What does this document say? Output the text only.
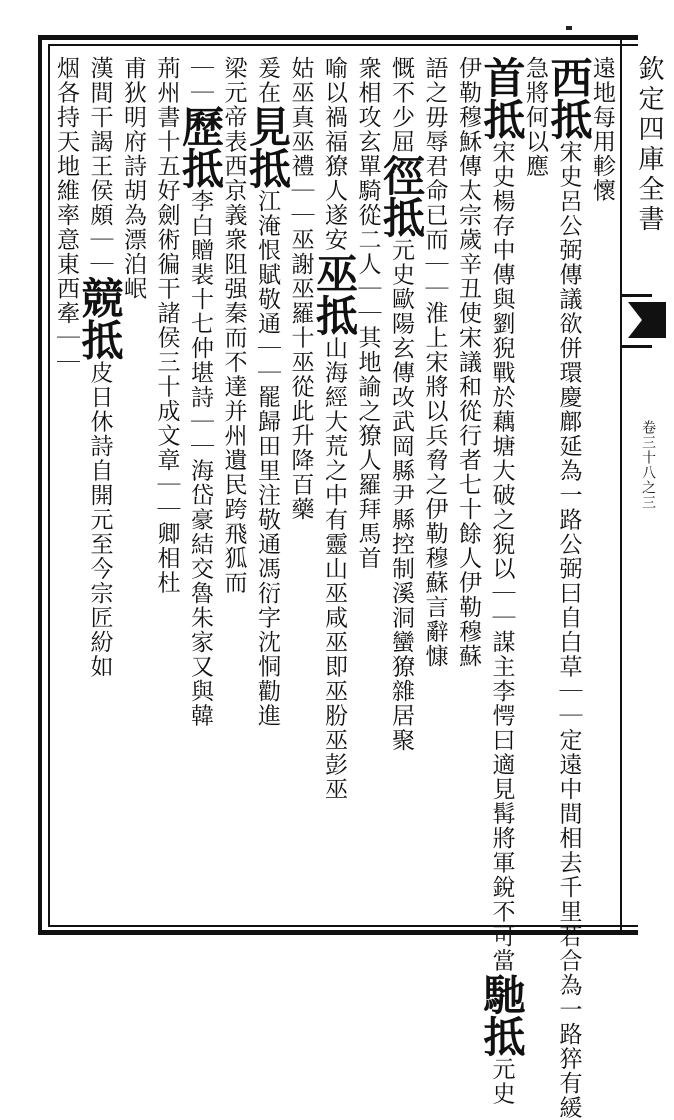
欽定四庫全書
卷三十八之三
遠地每用軫懷
西抵宋史呂公弼傳議欲併環慶鄜延為一路公弼曰自白草｜｜定遠中間相去千里若合為一路猝有緩
急將何以應
首抵宋史楊存中傳與劉猊戰於藕塘大破之猊以｜｜謀主李愕曰適見髯將軍銳不可當馳抵元史
伊勒穆穌傳太宗歲辛丑使宋議和從行者七十餘人伊勒穆蘇
語之毋辱君命已而｜｜淮上宋將以兵脅之伊勒穆蘇言辭慷
慨不少屈徑抵元史歐陽玄傳改武岡縣尹縣控制溪洞蠻獠雜居聚
衆相攻玄單騎從二人｜｜其地諭之獠人羅拜馬首
喻以禍福獠人遂安巫抵山海經大荒之中有靈山巫咸巫即巫肦巫彭巫
姑巫真巫禮｜｜巫謝巫羅十巫從此升降百藥
爰在見抵江淹恨賦敬通｜｜罷歸田里注敬通馮衍字沈恫勸進
梁元帝表西京義衆阻强秦而不達并州遺民跨飛狐而
｜｜歷抵李白贈裴十七仲堪詩｜｜海岱豪結交魯朱家又與韓
荊州書十五好劍術徧干諸侯三十成文章｜｜卿相杜
甫狄明府詩胡為漂泊岷
漢間干謁王侯頗｜｜競抵皮日休詩自開元至今宗匠紛如
烟各持天地維率意東西牽｜｜
